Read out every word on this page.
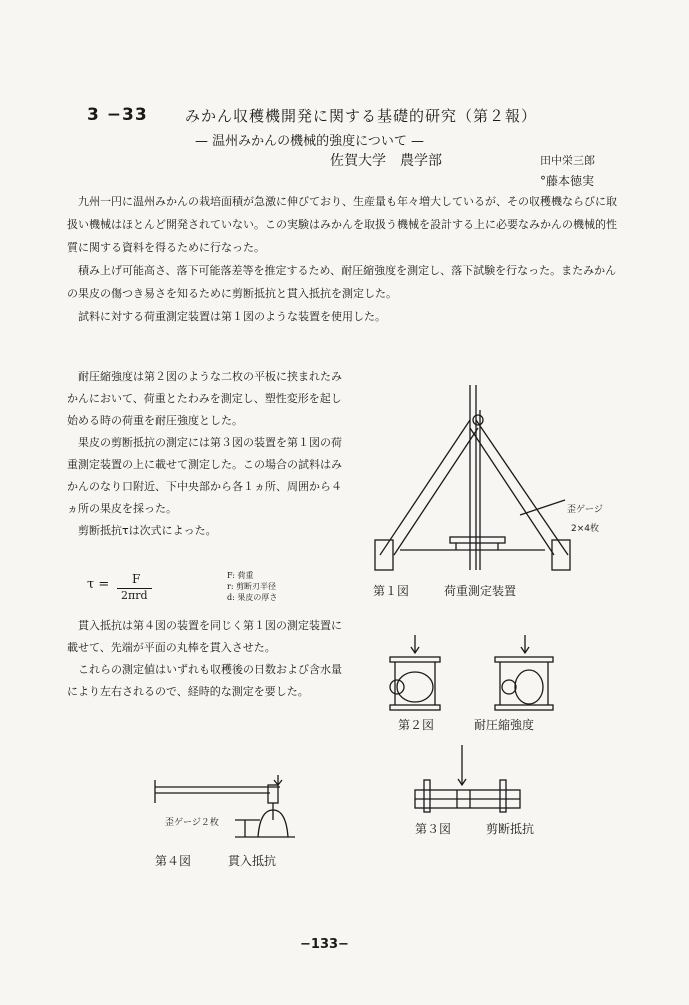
3 −33 みかん収穫機開発に関する基礎的研究（第２報）
— 温州みかんの機械的強度について —
佐賀大学　農学部	田中栄三郎
°藤本徳実

九州一円に温州みかんの栽培面積が急激に伸びており、生産量も年々増大しているが、その収穫機ならびに取扱い機械はほとんど開発されていない。この実験はみかんを取扱う機械を設計する上に必要なみかんの機械的性質に関する資料を得るために行なった。

積み上げ可能高さ、落下可能落差等を推定するため、耐圧縮強度を測定し、落下試験を行なった。またみかんの果皮の傷つき易さを知るために剪断抵抗と貫入抵抗を測定した。

試料に対する荷重測定装置は第１図のような装置を使用した。

耐圧縮強度は第２図のような二枚の平板に挟まれたみかんにおいて、荷重とたわみを測定し、塑性変形を起し始める時の荷重を耐圧強度とした。

果皮の剪断抵抗の測定には第３図の装置を第１図の荷重測定装置の上に載せて測定した。この場合の試料はみかんのなり口附近、下中央部から各１ヵ所、周囲から４ヵ所の果皮を採った。

剪断抵抗τは次式によった。

τ = F
2πrd
F: 荷重
r: 剪断刃半径
d: 果皮の厚さ

貫入抵抗は第４図の装置を同じく第１図の測定装置に載せて、先端が平面の丸棒を貫入させた。

これらの測定値はいずれも収穫後の日数および含水量により左右されるので、経時的な測定を要した。

歪ゲージ
2×4枚
第１図	荷重測定装置
第２図	耐圧縮強度
第３図	剪断抵抗
歪ゲージ２枚
第４図	貫入抵抗
−133−
